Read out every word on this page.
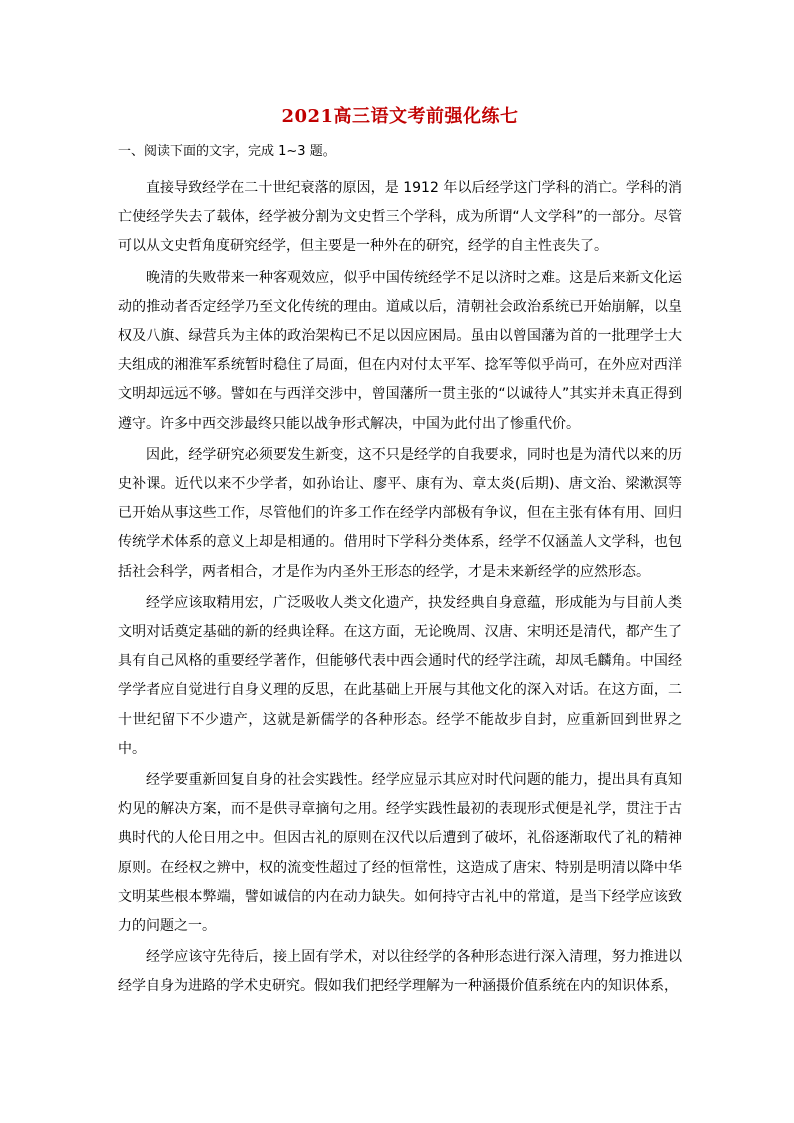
2021高三语文考前强化练七

一、阅读下面的文字，完成 1~3 题。

直接导致经学在二十世纪衰落的原因，是 1912 年以后经学这门学科的消亡。学科的消亡使经学失去了载体，经学被分割为文史哲三个学科，成为所谓“人文学科”的一部分。尽管可以从文史哲角度研究经学，但主要是一种外在的研究，经学的自主性丧失了。

晚清的失败带来一种客观效应，似乎中国传统经学不足以济时之难。这是后来新文化运动的推动者否定经学乃至文化传统的理由。道咸以后，清朝社会政治系统已开始崩解，以皇权及八旗、绿营兵为主体的政治架构已不足以因应困局。虽由以曾国藩为首的一批理学士大夫组成的湘淮军系统暂时稳住了局面，但在内对付太平军、捻军等似乎尚可，在外应对西洋文明却远远不够。譬如在与西洋交涉中，曾国藩所一贯主张的“以诚待人”其实并未真正得到遵守。许多中西交涉最终只能以战争形式解决，中国为此付出了惨重代价。

因此，经学研究必须要发生新变，这不只是经学的自我要求，同时也是为清代以来的历史补课。近代以来不少学者，如孙诒让、廖平、康有为、章太炎(后期)、唐文治、梁漱溟等已开始从事这些工作，尽管他们的许多工作在经学内部极有争议，但在主张有体有用、回归传统学术体系的意义上却是相通的。借用时下学科分类体系，经学不仅涵盖人文学科，也包括社会科学，两者相合，才是作为内圣外王形态的经学，才是未来新经学的应然形态。

经学应该取精用宏，广泛吸收人类文化遗产，抉发经典自身意蕴，形成能为与目前人类文明对话奠定基础的新的经典诠释。在这方面，无论晚周、汉唐、宋明还是清代，都产生了具有自己风格的重要经学著作，但能够代表中西会通时代的经学注疏，却凤毛麟角。中国经学学者应自觉进行自身义理的反思，在此基础上开展与其他文化的深入对话。在这方面，二十世纪留下不少遗产，这就是新儒学的各种形态。经学不能故步自封，应重新回到世界之中。

经学要重新回复自身的社会实践性。经学应显示其应对时代问题的能力，提出具有真知灼见的解决方案，而不是供寻章摘句之用。经学实践性最初的表现形式便是礼学，贯注于古典时代的人伦日用之中。但因古礼的原则在汉代以后遭到了破坏，礼俗逐渐取代了礼的精神原则。在经权之辨中，权的流变性超过了经的恒常性，这造成了唐宋、特别是明清以降中华文明某些根本弊端，譬如诚信的内在动力缺失。如何持守古礼中的常道，是当下经学应该致力的问题之一。

经学应该守先待后，接上固有学术，对以往经学的各种形态进行深入清理，努力推进以经学自身为进路的学术史研究。假如我们把经学理解为一种涵摄价值系统在内的知识体系，
